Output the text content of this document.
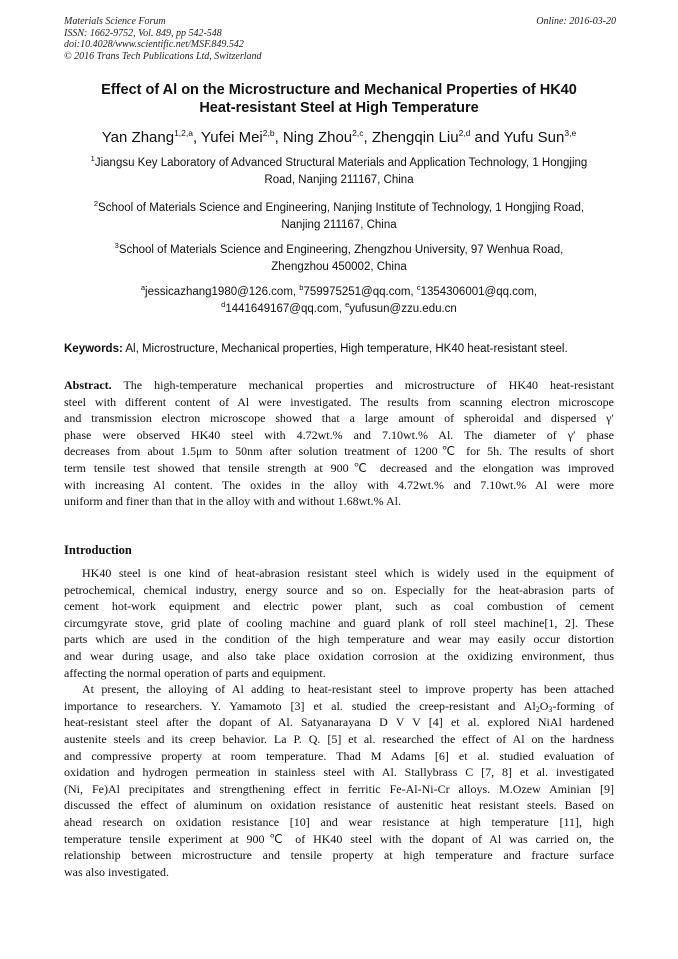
Materials Science Forum
ISSN: 1662-9752, Vol. 849, pp 542-548
doi:10.4028/www.scientific.net/MSF.849.542
© 2016 Trans Tech Publications Ltd, Switzerland
Online: 2016-03-20
Effect of Al on the Microstructure and Mechanical Properties of HK40
Heat-resistant Steel at High Temperature
Yan Zhang$^{1,2,a}$, Yufei Mei$^{2,b}$, Ning Zhou$^{2,c}$, Zhengqin Liu$^{2,d}$ and Yufu Sun$^{3,e}$
$^1$Jiangsu Key Laboratory of Advanced Structural Materials and Application Technology, 1 Hongjing
Road, Nanjing 211167, China
$^2$School of Materials Science and Engineering, Nanjing Institute of Technology, 1 Hongjing Road,
Nanjing 211167, China
$^3$School of Materials Science and Engineering, Zhengzhou University, 97 Wenhua Road,
Zhengzhou 450002, China
$^a$jessicazhang1980@126.com, $^b$759975251@qq.com, $^c$1354306001@qq.com,
$^d$1441649167@qq.com, $^e$yufusun@zzu.edu.cn
Keywords: Al, Microstructure, Mechanical properties, High temperature, HK40 heat-resistant steel.
Abstract. The high-temperature mechanical properties and microstructure of HK40 heat-resistant
steel with different content of Al were investigated. The results from scanning electron microscope
and transmission electron microscope showed that a large amount of spheroidal and dispersed γ′
phase were observed HK40 steel with 4.72wt.% and 7.10wt.% Al. The diameter of γ′ phase
decreases from about 1.5μm to 50nm after solution treatment of 1200℃ for 5h. The results of short
term tensile test showed that tensile strength at 900℃ decreased and the elongation was improved
with increasing Al content. The oxides in the alloy with 4.72wt.% and 7.10wt.% Al were more
uniform and finer than that in the alloy with and without 1.68wt.% Al.
Introduction
HK40 steel is one kind of heat-abrasion resistant steel which is widely used in the equipment of
petrochemical, chemical industry, energy source and so on. Especially for the heat-abrasion parts of
cement hot-work equipment and electric power plant, such as coal combustion of cement
circumgyrate stove, grid plate of cooling machine and guard plank of roll steel machine[1, 2]. These
parts which are used in the condition of the high temperature and wear may easily occur distortion
and wear during usage, and also take place oxidation corrosion at the oxidizing environment, thus
affecting the normal operation of parts and equipment.
At present, the alloying of Al adding to heat-resistant steel to improve property has been attached
importance to researchers. Y. Yamamoto [3] et al. studied the creep-resistant and $Al_2O_3$-forming of
heat-resistant steel after the dopant of Al. Satyanarayana D V V [4] et al. explored NiAl hardened
austenite steels and its creep behavior. La P. Q. [5] et al. researched the effect of Al on the hardness
and compressive property at room temperature. Thad M Adams [6] et al. studied evaluation of
oxidation and hydrogen permeation in stainless steel with Al. Stallybrass C [7, 8] et al. investigated
(Ni, Fe)Al precipitates and strengthening effect in ferritic Fe-Al-Ni-Cr alloys. M.Ozew Aminian [9]
discussed the effect of aluminum on oxidation resistance of austenitic heat resistant steels. Based on
ahead research on oxidation resistance [10] and wear resistance at high temperature [11], high
temperature tensile experiment at 900℃ of HK40 steel with the dopant of Al was carried on, the
relationship between microstructure and tensile property at high temperature and fracture surface
was also investigated.
